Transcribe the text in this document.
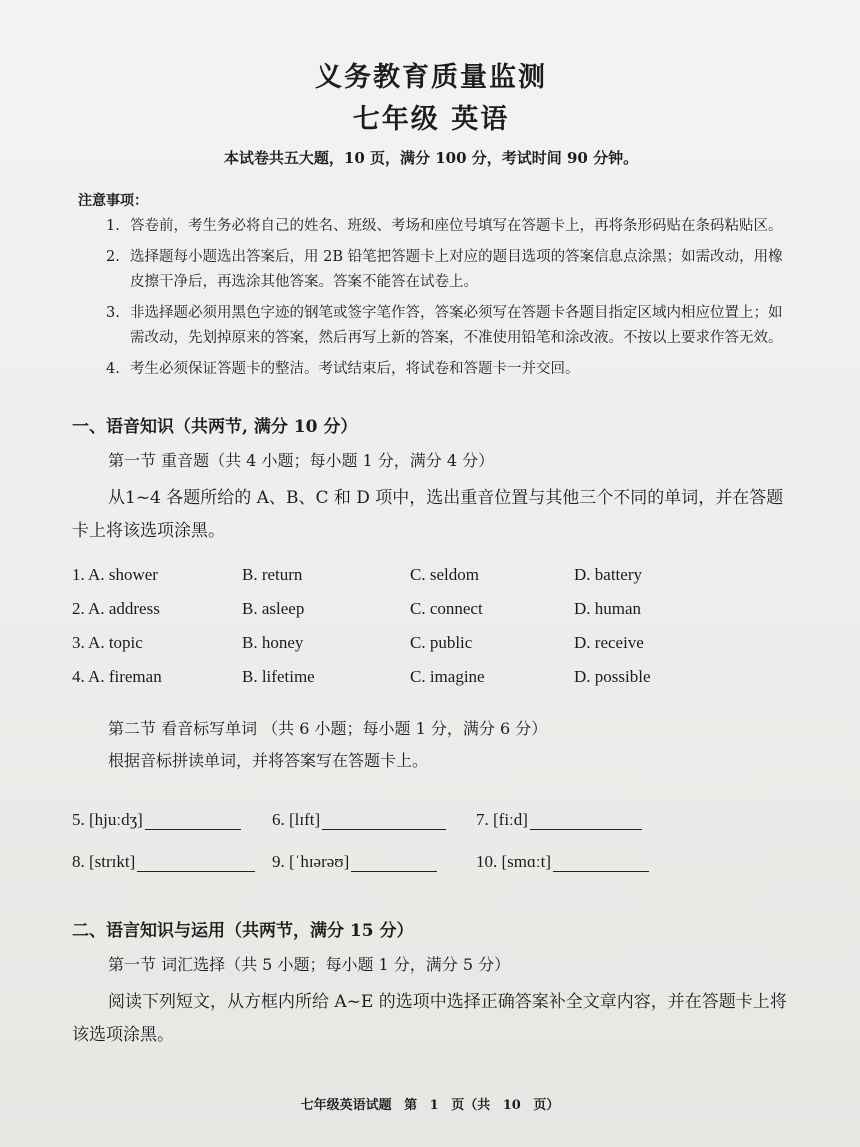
义务教育质量监测
七年级 英语

本试卷共五大题，10 页，满分 100 分，考试时间 90 分钟。

注意事项：
1. 答卷前，考生务必将自己的姓名、班级、考场和座位号填写在答题卡上，再将条形码贴在条码粘贴区。
2. 选择题每小题选出答案后，用 2B 铅笔把答题卡上对应的题目选项的答案信息点涂黑；如需改动，用橡皮擦干净后，再选涂其他答案。答案不能答在试卷上。
3. 非选择题必须用黑色字迹的钢笔或签字笔作答，答案必须写在答题卡各题目指定区域内相应位置上；如需改动，先划掉原来的答案，然后再写上新的答案，不准使用铅笔和涂改液。不按以上要求作答无效。
4. 考生必须保证答题卡的整洁。考试结束后，将试卷和答题卡一并交回。
一、语音知识（共两节, 满分 10 分）
第一节 重音题（共 4 小题；每小题 1 分，满分 4 分）

从1~4 各题所给的 A、B、C 和 D 项中，选出重音位置与其他三个不同的单词，并在答题卡上将该选项涂黑。

1. A. shower	B. return	C. seldom	D. battery
2. A. address	B. asleep	C. connect	D. human
3. A. topic	B. honey	C. public	D. receive
4. A. fireman	B. lifetime	C. imagine	D. possible
第二节 看音标写单词 （共 6 小题；每小题 1 分，满分 6 分）
根据音标拼读单词，并将答案写在答题卡上。
5. [hjuːdʒ]	6. [lɪft]	7. [fiːd]
8. [strɪkt]	9. [ˈhɪərəʊ]	10. [smɑːt]
二、语言知识与运用（共两节，满分 15 分）
第一节 词汇选择（共 5 小题；每小题 1 分，满分 5 分）

阅读下列短文，从方框内所给 A~E 的选项中选择正确答案补全文章内容，并在答题卡上将该选项涂黑。

七年级英语试题 第 1 页（共 10 页）
